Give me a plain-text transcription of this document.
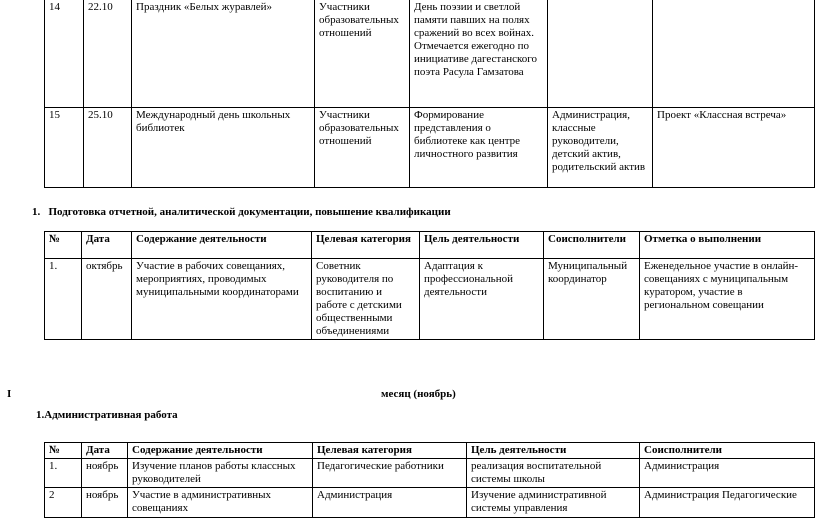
14	22.10	Праздник «Белых журавлей»	Участники образовательных отношений	День поэзии и светлой памяти павших на полях сражений во всех войнах. Отмечается ежегодно по инициативе дагестанского поэта Расула Гамзатова		
15	25.10	Международный день школьных библиотек	Участники образовательных отношений	Формирование представления о библиотеке как центре личностного развития	Администрация, классные руководители, детский актив, родительский актив	Проект «Классная встреча»
1. Подготовка отчетной, аналитической документации, повышение квалификации
№	Дата	Содержание деятельности	Целевая категория	Цель деятельности	Соисполнители	Отметка о выполнении
1.	октябрь	Участие в рабочих совещаниях, мероприятиях, проводимых муниципальными координаторами	Советник руководителя по воспитанию и работе с детскими общественными объединениями	Адаптация к профессиональной деятельности	Муниципальный координатор	Еженедельное участие в онлайн-совещаниях с муниципальным куратором, участие в региональном совещании
I	месяц (ноябрь)
1.Административная работа
№	Дата	Содержание деятельности	Целевая категория	Цель деятельности	Соисполнители
1.	ноябрь	Изучение планов работы классных руководителей	Педагогические работники	реализация воспитательной системы школы	Администрация
2	ноябрь	Участие в административных совещаниях	Администрация	Изучение административной системы управления	Администрация Педагогические
